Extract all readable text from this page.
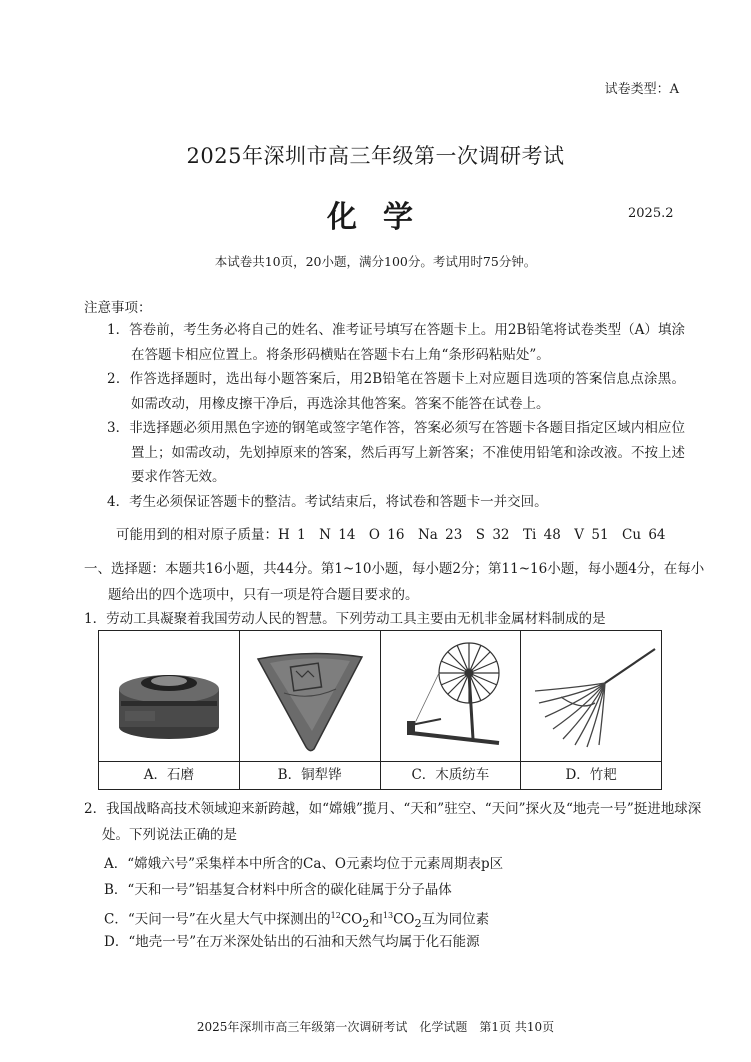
试卷类型：A
2025年深圳市高三年级第一次调研考试
化学	2025.2
本试卷共10页，20小题，满分100分。考试用时75分钟。
注意事项：
1．答卷前，考生务必将自己的姓名、准考证号填写在答题卡上。用2B铅笔将试卷类型（A）填涂在答题卡相应位置上。将条形码横贴在答题卡右上角“条形码粘贴处”。
2．作答选择题时，选出每小题答案后，用2B铅笔在答题卡上对应题目选项的答案信息点涂黑。如需改动，用橡皮擦干净后，再选涂其他答案。答案不能答在试卷上。
3．非选择题必须用黑色字迹的钢笔或签字笔作答，答案必须写在答题卡各题目指定区域内相应位置上；如需改动，先划掉原来的答案，然后再写上新答案；不准使用铅笔和涂改液。不按上述要求作答无效。
4．考生必须保证答题卡的整洁。考试结束后，将试卷和答题卡一并交回。
可能用到的相对原子质量：H 1　N 14　O 16　Na 23　S 32　Ti 48　V 51　Cu 64
一、选择题：本题共16小题，共44分。第1~10小题，每小题2分；第11~16小题，每小题4分，在每小题给出的四个选项中，只有一项是符合题目要求的。
1．劳动工具凝聚着我国劳动人民的智慧。下列劳动工具主要由无机非金属材料制成的是
A．石磨	B．铜犁铧	C．木质纺车	D．竹耙
2．我国战略高技术领域迎来新跨越，如“嫦娥”揽月、“天和”驻空、“天问”探火及“地壳一号”挺进地球深处。下列说法正确的是
A．“嫦娥六号”采集样本中所含的Ca、O元素均位于元素周期表p区
B．“天和一号”铝基复合材料中所含的碳化硅属于分子晶体
C．“天问一号”在火星大气中探测出的$^{12}CO_2$和$^{13}CO_2$互为同位素
D．“地壳一号”在万米深处钻出的石油和天然气均属于化石能源
2025年深圳市高三年级第一次调研考试　化学试题　第1页 共10页
